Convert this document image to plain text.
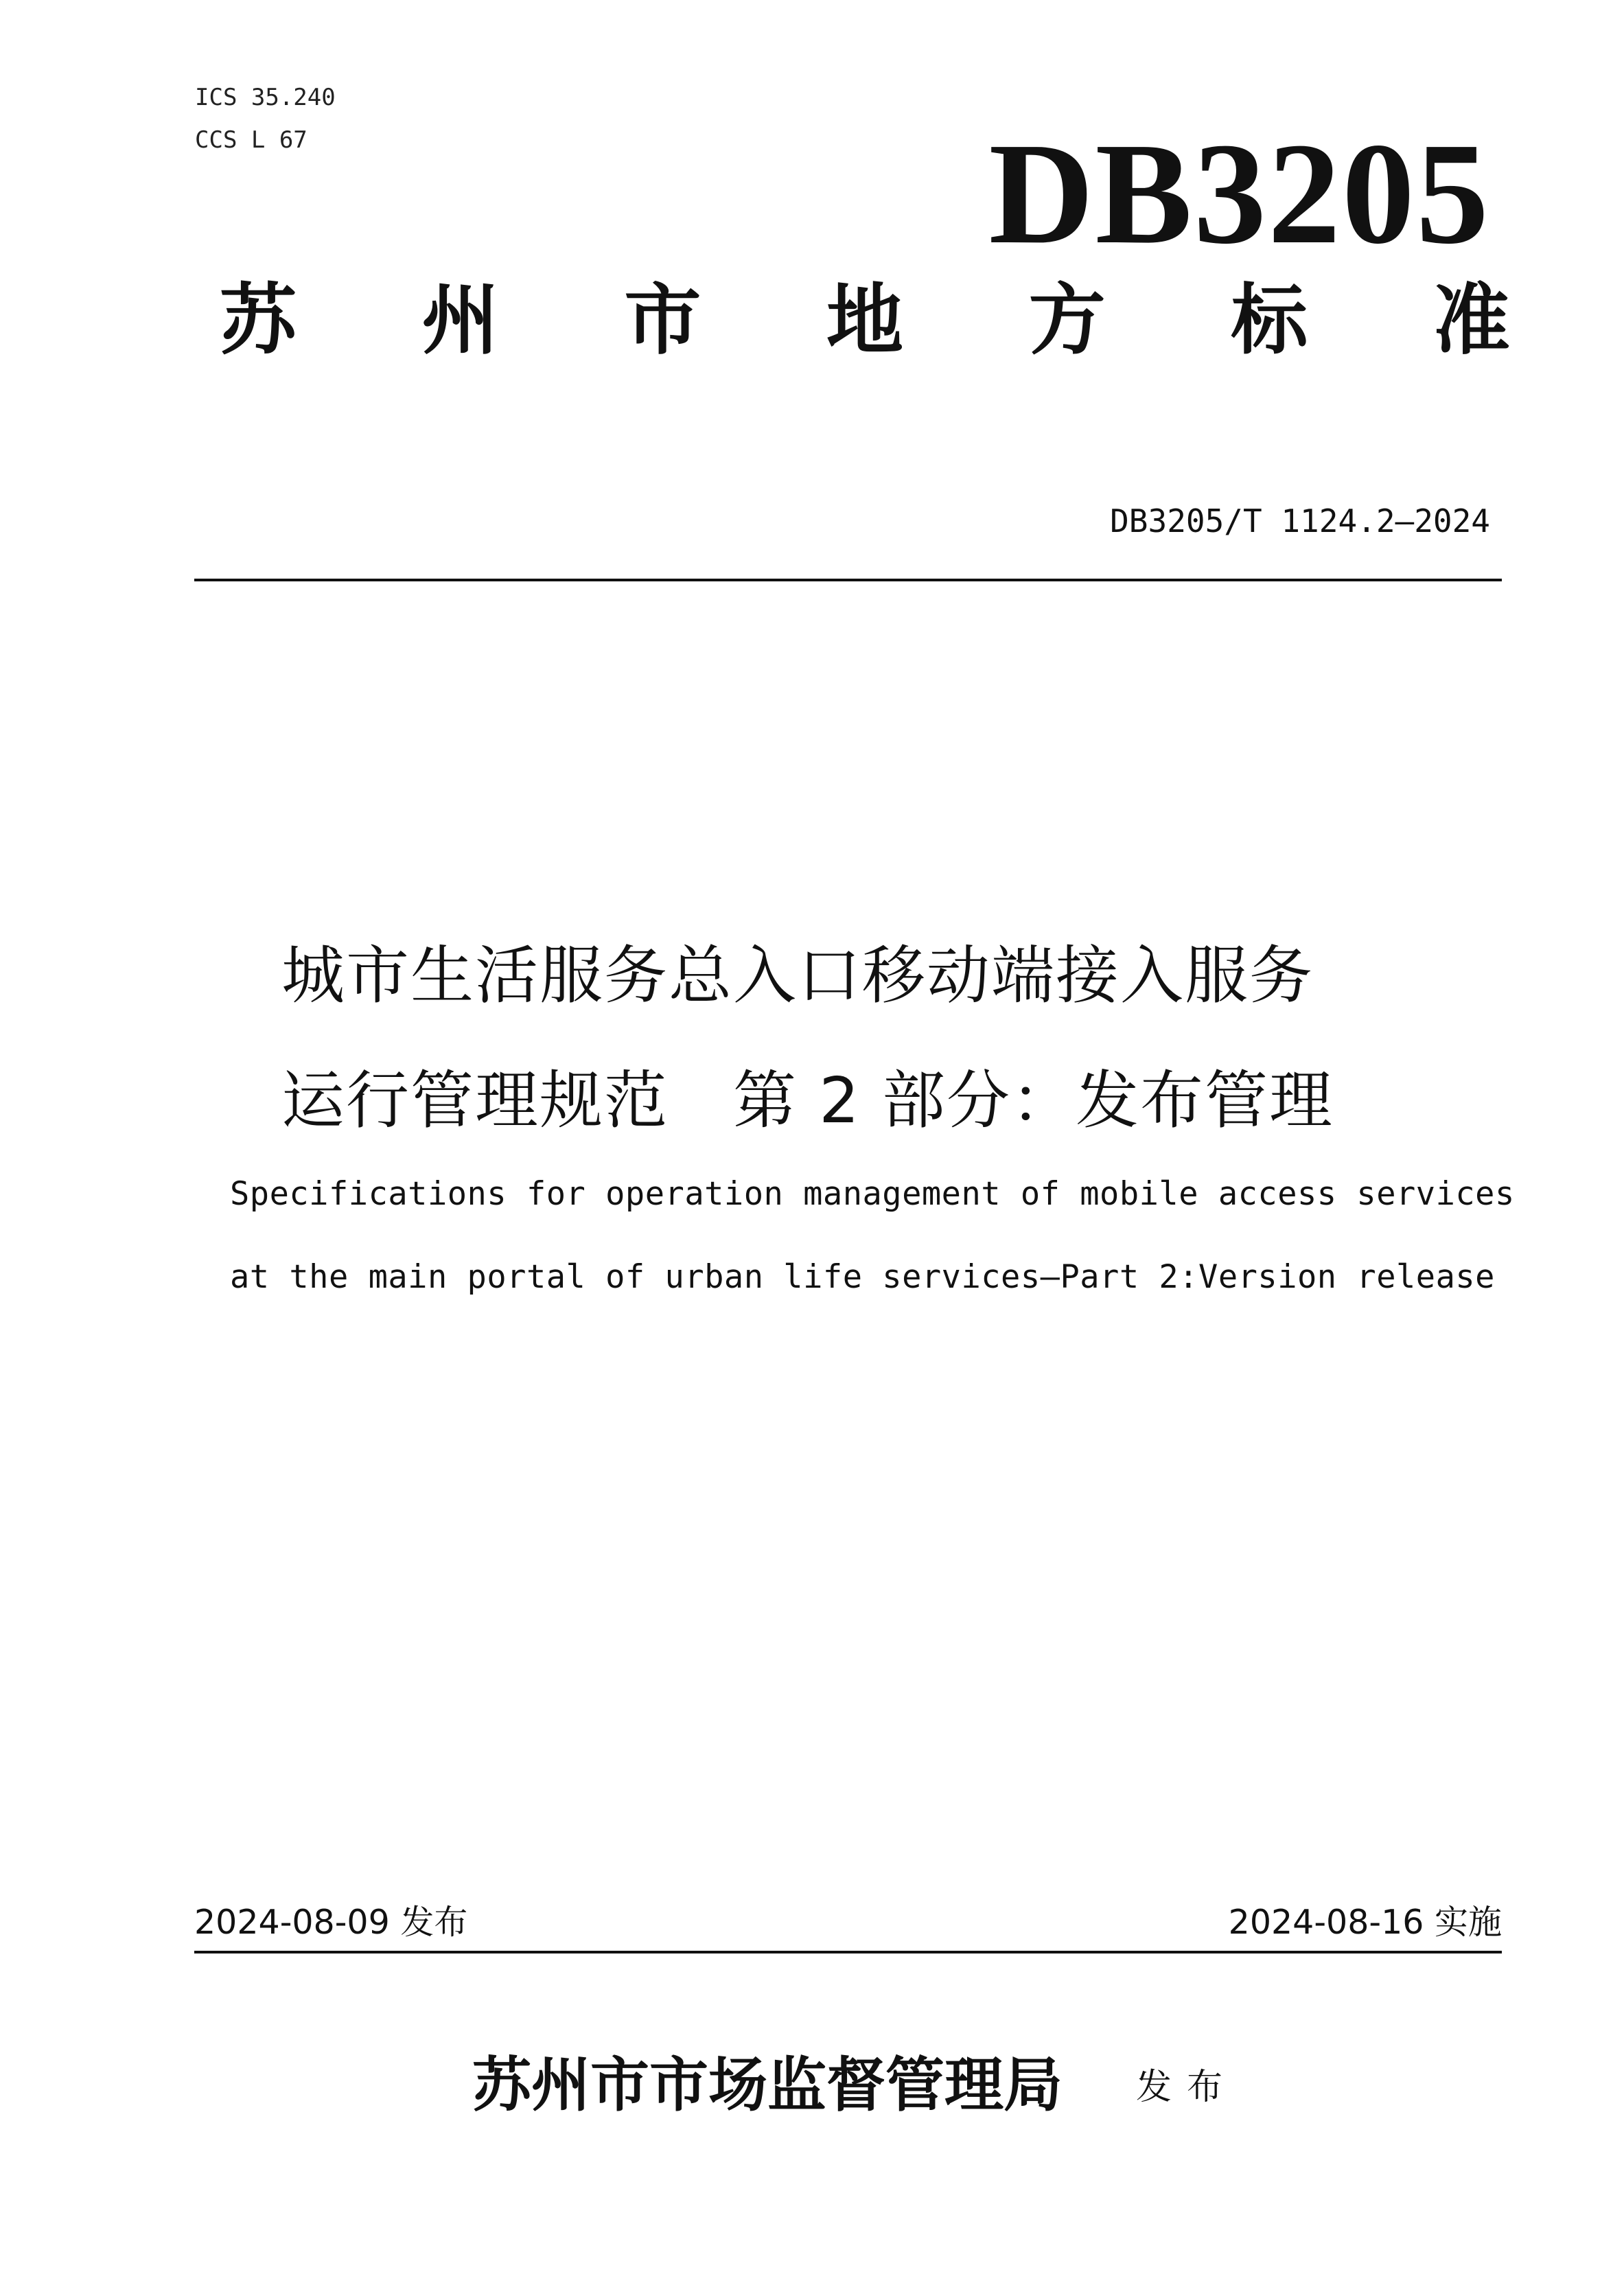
ICS 35.240
CCS L 67	DB3205
苏 州 市 地 方 标 准
DB3205/T 1124.2—2024
城市生活服务总入口移动端接入服务
运行管理规范　第 2 部分：发布管理
Specifications for operation management of mobile access services
at the main portal of urban life services—Part 2:Version release
2024-08-09 发布	2024-08-16 实施
苏州市市场监督管理局 发布
